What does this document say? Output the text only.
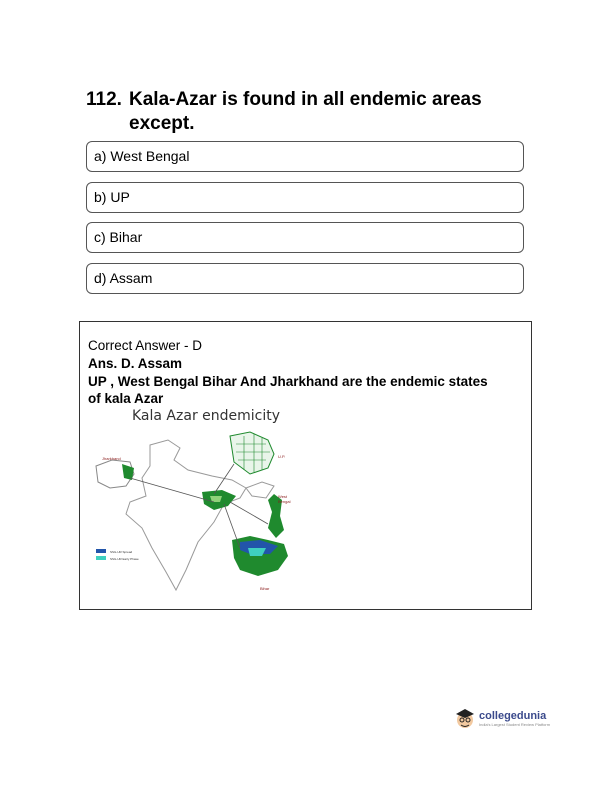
112. Kala-Azar is found in all endemic areas
except.
a) West Bengal
b) UP
c) Bihar
d) Assam
Correct Answer - D
Ans. D. Assam
UP , West Bengal Bihar And Jharkhand are the endemic states
of kala Azar
Kala Azar endemicity
Jharkhand	U.P.
West
Bengal
Bihar
SSG-UR Spread
SSG-UR Early Phase
collegedunia
India's Largest Student Review Platform
